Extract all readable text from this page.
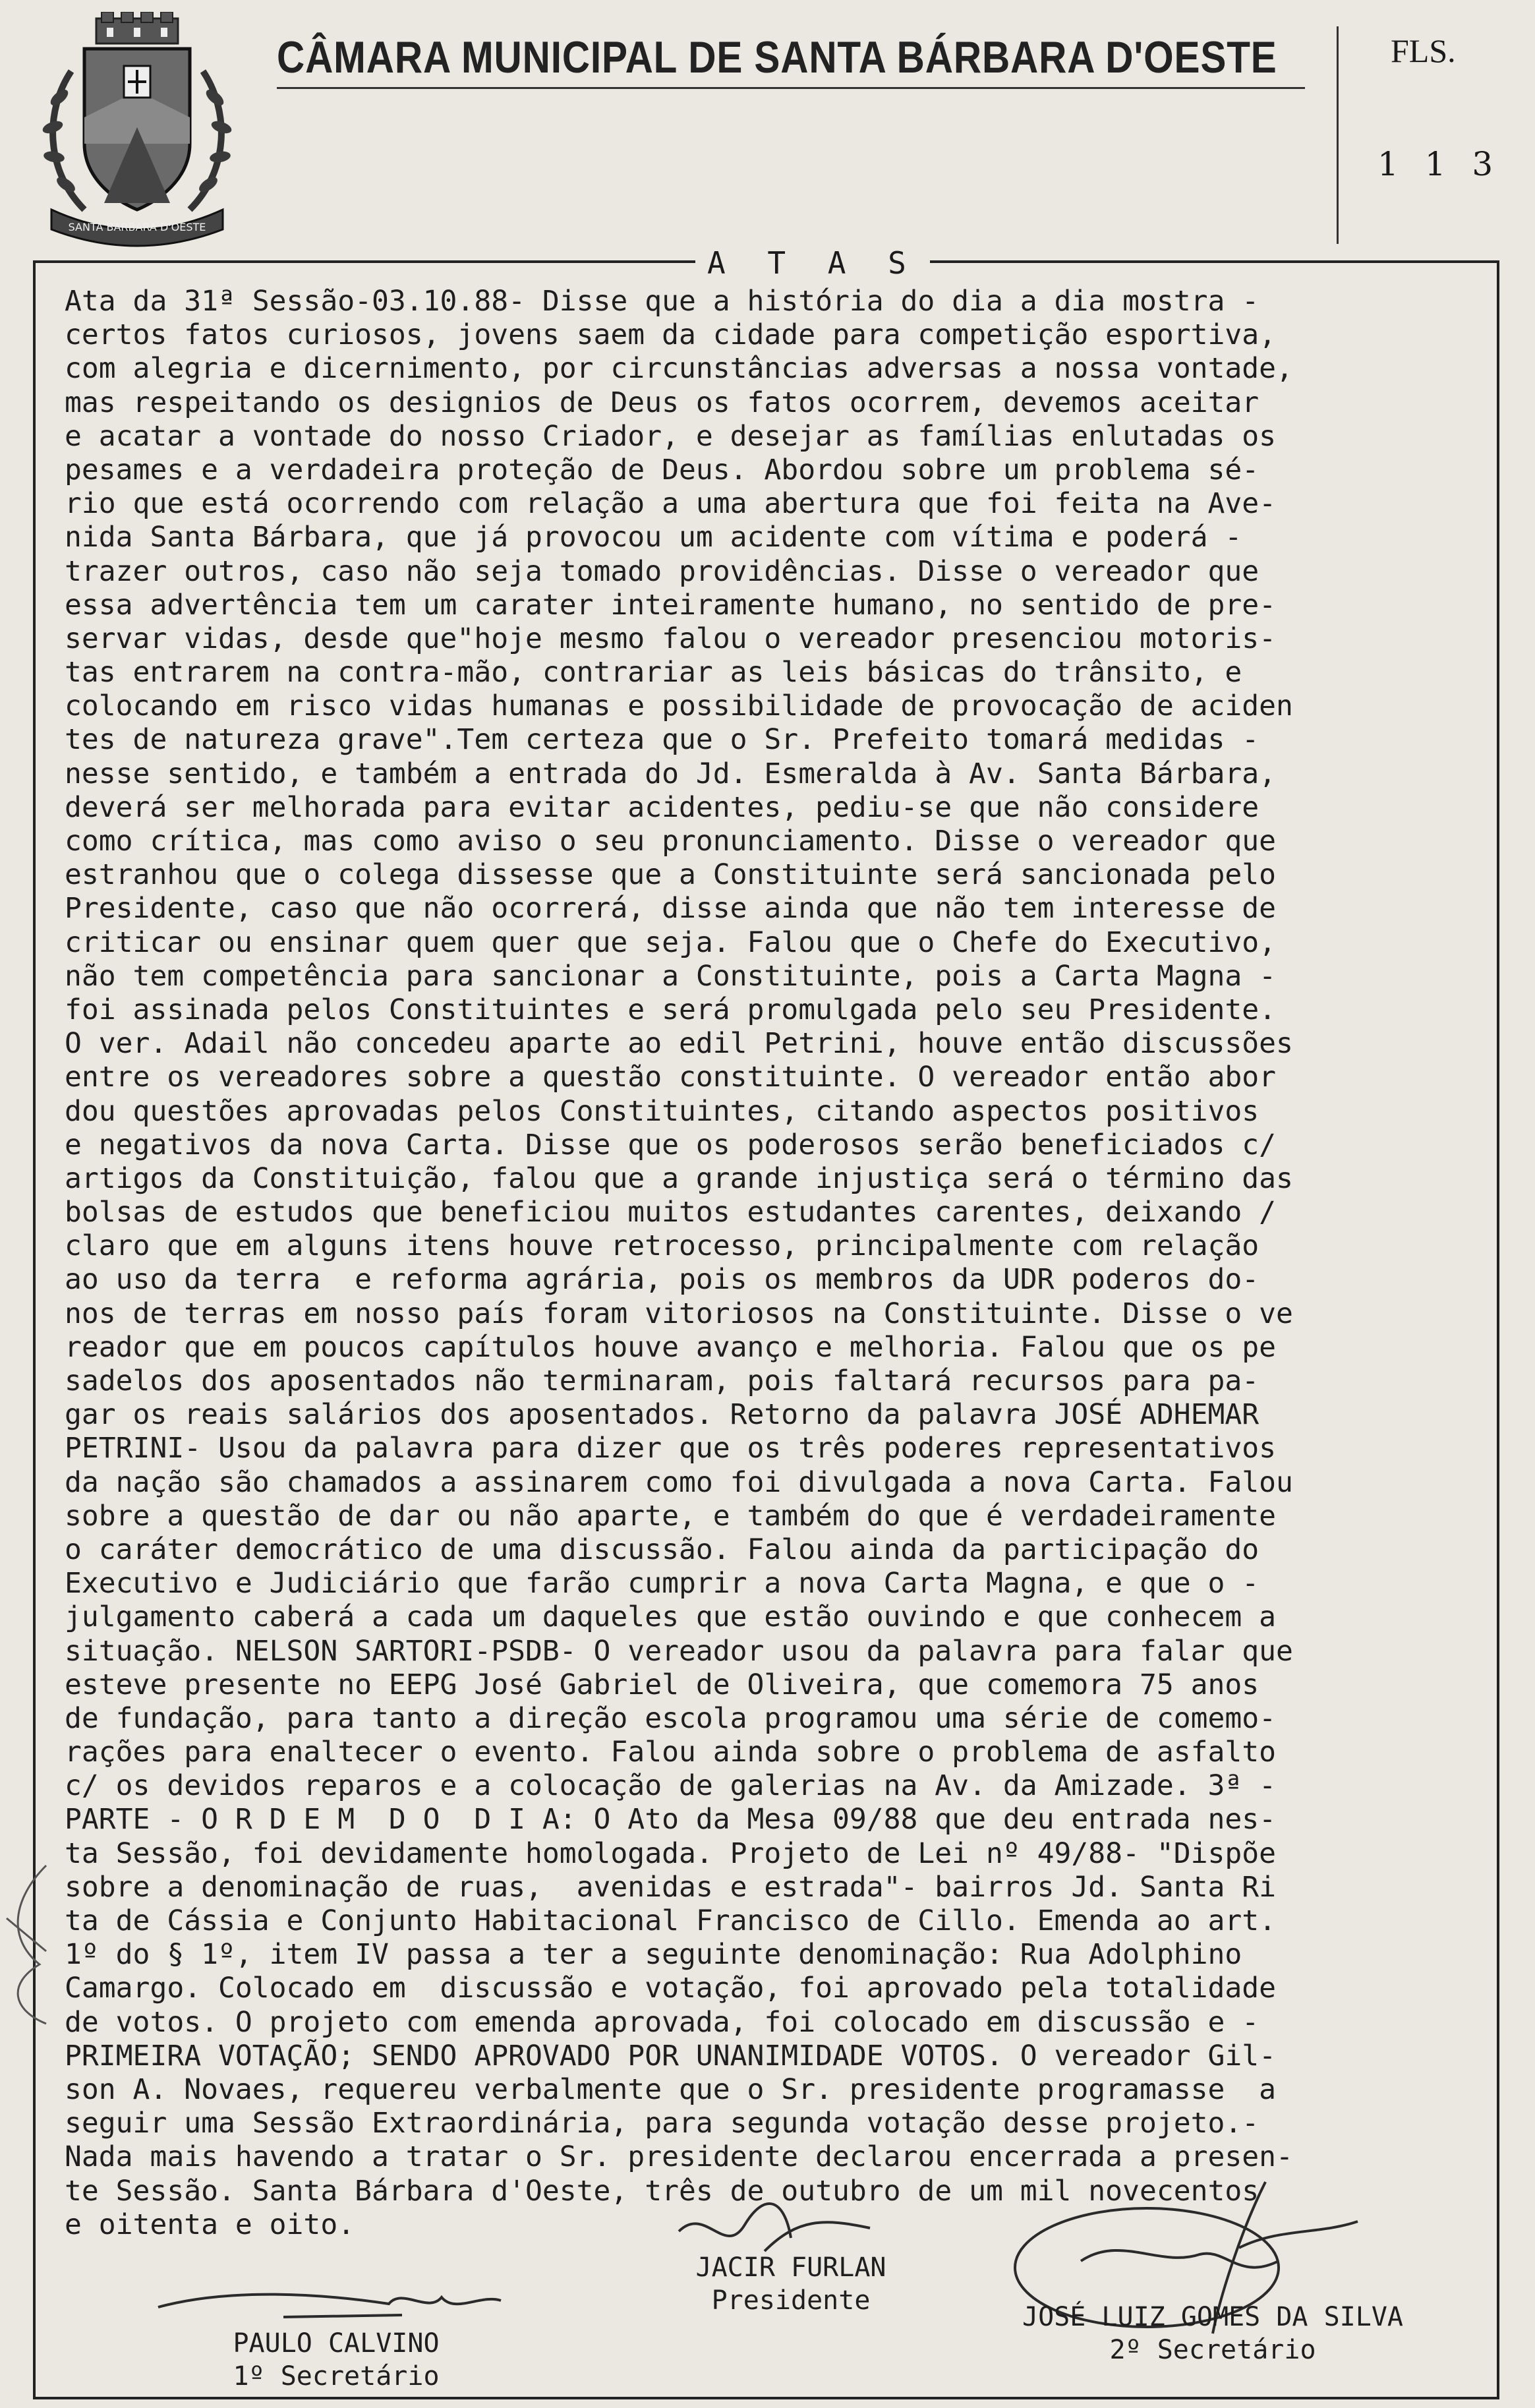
SANTA BARBARA D'OESTE
CÂMARA MUNICIPAL DE SANTA BÁRBARA D'OESTE	FLS.
1 1 3
A T A S
Ata da 31ª Sessão-03.10.88- Disse que a história do dia a dia mostra -
certos fatos curiosos, jovens saem da cidade para competição esportiva,
com alegria e dicernimento, por circunstâncias adversas a nossa vontade,
mas respeitando os designios de Deus os fatos ocorrem, devemos aceitar
e acatar a vontade do nosso Criador, e desejar as famílias enlutadas os
pesames e a verdadeira proteção de Deus. Abordou sobre um problema sé-
rio que está ocorrendo com relação a uma abertura que foi feita na Ave-
nida Santa Bárbara, que já provocou um acidente com vítima e poderá -
trazer outros, caso não seja tomado providências. Disse o vereador que
essa advertência tem um carater inteiramente humano, no sentido de pre-
servar vidas, desde que"hoje mesmo falou o vereador presenciou motoris-
tas entrarem na contra-mão, contrariar as leis básicas do trânsito, e
colocando em risco vidas humanas e possibilidade de provocação de aciden
tes de natureza grave".Tem certeza que o Sr. Prefeito tomará medidas -
nesse sentido, e também a entrada do Jd. Esmeralda à Av. Santa Bárbara,
deverá ser melhorada para evitar acidentes, pediu-se que não considere
como crítica, mas como aviso o seu pronunciamento. Disse o vereador que
estranhou que o colega dissesse que a Constituinte será sancionada pelo
Presidente, caso que não ocorrerá, disse ainda que não tem interesse de
criticar ou ensinar quem quer que seja. Falou que o Chefe do Executivo,
não tem competência para sancionar a Constituinte, pois a Carta Magna -
foi assinada pelos Constituintes e será promulgada pelo seu Presidente.
O ver. Adail não concedeu aparte ao edil Petrini, houve então discussões
entre os vereadores sobre a questão constituinte. O vereador então abor
dou questões aprovadas pelos Constituintes, citando aspectos positivos
e negativos da nova Carta. Disse que os poderosos serão beneficiados c/
artigos da Constituição, falou que a grande injustiça será o término das
bolsas de estudos que beneficiou muitos estudantes carentes, deixando /
claro que em alguns itens houve retrocesso, principalmente com relação
ao uso da terra  e reforma agrária, pois os membros da UDR poderos do-
nos de terras em nosso país foram vitoriosos na Constituinte. Disse o ve
reador que em poucos capítulos houve avanço e melhoria. Falou que os pe
sadelos dos aposentados não terminaram, pois faltará recursos para pa-
gar os reais salários dos aposentados. Retorno da palavra JOSÉ ADHEMAR
PETRINI- Usou da palavra para dizer que os três poderes representativos
da nação são chamados a assinarem como foi divulgada a nova Carta. Falou
sobre a questão de dar ou não aparte, e também do que é verdadeiramente
o caráter democrático de uma discussão. Falou ainda da participação do
Executivo e Judiciário que farão cumprir a nova Carta Magna, e que o -
julgamento caberá a cada um daqueles que estão ouvindo e que conhecem a
situação. NELSON SARTORI-PSDB- O vereador usou da palavra para falar que
esteve presente no EEPG José Gabriel de Oliveira, que comemora 75 anos
de fundação, para tanto a direção escola programou uma série de comemo-
rações para enaltecer o evento. Falou ainda sobre o problema de asfalto
c/ os devidos reparos e a colocação de galerias na Av. da Amizade. 3ª -
PARTE - O R D E M  D O  D I A: O Ato da Mesa 09/88 que deu entrada nes-
ta Sessão, foi devidamente homologada. Projeto de Lei nº 49/88- "Dispõe
sobre a denominação de ruas,  avenidas e estrada"- bairros Jd. Santa Ri
ta de Cássia e Conjunto Habitacional Francisco de Cillo. Emenda ao art.
1º do § 1º, item IV passa a ter a seguinte denominação: Rua Adolphino
Camargo. Colocado em  discussão e votação, foi aprovado pela totalidade
de votos. O projeto com emenda aprovada, foi colocado em discussão e -
PRIMEIRA VOTAÇÃO; SENDO APROVADO POR UNANIMIDADE VOTOS. O vereador Gil-
son A. Novaes, requereu verbalmente que o Sr. presidente programasse  a
seguir uma Sessão Extraordinária, para segunda votação desse projeto.-
Nada mais havendo a tratar o Sr. presidente declarou encerrada a presen-
te Sessão. Santa Bárbara d'Oeste, três de outubro de um mil novecentos
e oitenta e oito.
JACIR FURLAN
Presidente
PAULO CALVINO
1º Secretário
JOSÉ LUIZ GOMES DA SILVA
2º Secretário
